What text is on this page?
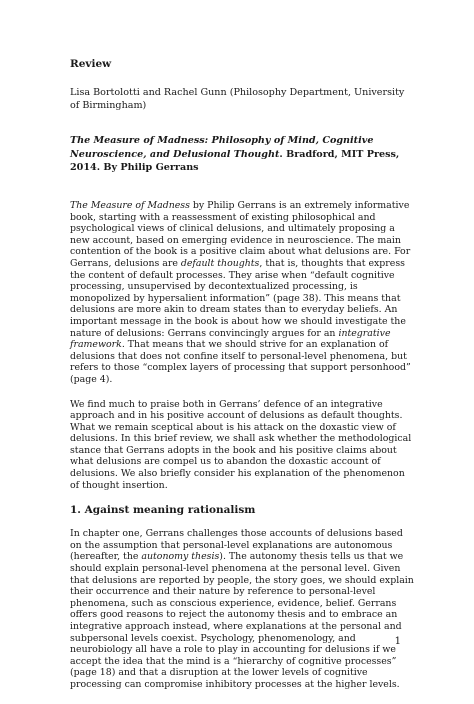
Review
Lisa Bortolotti and Rachel Gunn (Philosophy Department, University of Birmingham)
The Measure of Madness: Philosophy of Mind, Cognitive Neuroscience, and Delusional Thought. Bradford, MIT Press, 2014. By Philip Gerrans

The Measure of Madness by Philip Gerrans is an extremely informative book, starting with a reassessment of existing philosophical and psychological views of clinical delusions, and ultimately proposing a new account, based on emerging evidence in neuroscience. The main contention of the book is a positive claim about what delusions are. For Gerrans, delusions are default thoughts, that is, thoughts that express the content of default processes. They arise when “default cognitive processing, unsupervised by decontextualized processing, is monopolized by hypersalient information” (page 38). This means that delusions are more akin to dream states than to everyday beliefs. An important message in the book is about how we should investigate the nature of delusions: Gerrans convincingly argues for an integrative framework. That means that we should strive for an explanation of delusions that does not confine itself to personal-level phenomena, but refers to those “complex layers of processing that support personhood” (page 4).

We find much to praise both in Gerrans’ defence of an integrative approach and in his positive account of delusions as default thoughts. What we remain sceptical about is his attack on the doxastic view of delusions. In this brief review, we shall ask whether the methodological stance that Gerrans adopts in the book and his positive claims about what delusions are compel us to abandon the doxastic account of delusions. We also briefly consider his explanation of the phenomenon of thought insertion.

1. Against meaning rationalism

In chapter one, Gerrans challenges those accounts of delusions based on the assumption that personal-level explanations are autonomous (hereafter, the autonomy thesis). The autonomy thesis tells us that we should explain personal-level phenomena at the personal level. Given that delusions are reported by people, the story goes, we should explain their occurrence and their nature by reference to personal-level phenomena, such as conscious experience, evidence, belief. Gerrans offers good reasons to reject the autonomy thesis and to embrace an integrative approach instead, where explanations at the personal and subpersonal levels coexist. Psychology, phenomenology, and neurobiology all have a role to play in accounting for delusions if we accept the idea that the mind is a “hierarchy of cognitive processes” (page 18) and that a disruption at the lower levels of cognitive processing can compromise inhibitory processes at the higher levels.

1
